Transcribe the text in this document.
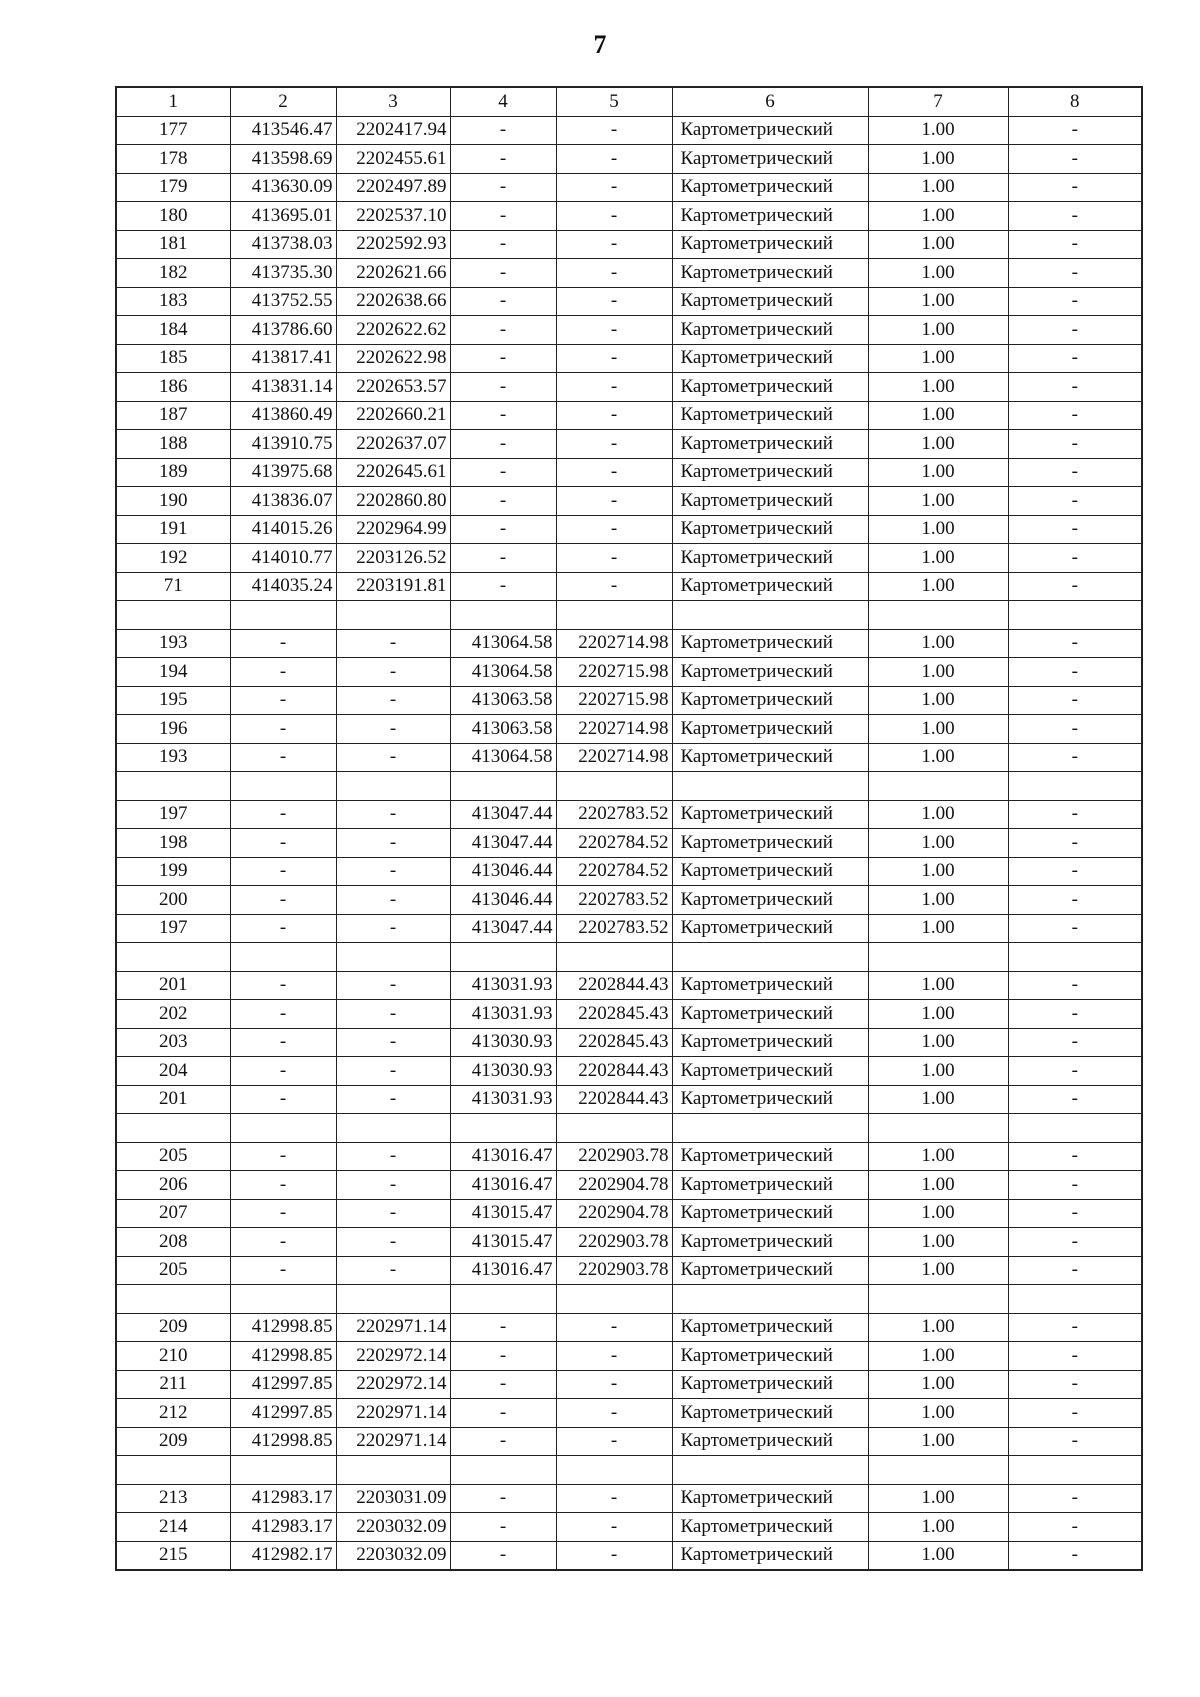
7
1	2	3	4	5	6	7	8
177	413546.47	2202417.94	-	-	Картометрический	1.00	-
178	413598.69	2202455.61	-	-	Картометрический	1.00	-
179	413630.09	2202497.89	-	-	Картометрический	1.00	-
180	413695.01	2202537.10	-	-	Картометрический	1.00	-
181	413738.03	2202592.93	-	-	Картометрический	1.00	-
182	413735.30	2202621.66	-	-	Картометрический	1.00	-
183	413752.55	2202638.66	-	-	Картометрический	1.00	-
184	413786.60	2202622.62	-	-	Картометрический	1.00	-
185	413817.41	2202622.98	-	-	Картометрический	1.00	-
186	413831.14	2202653.57	-	-	Картометрический	1.00	-
187	413860.49	2202660.21	-	-	Картометрический	1.00	-
188	413910.75	2202637.07	-	-	Картометрический	1.00	-
189	413975.68	2202645.61	-	-	Картометрический	1.00	-
190	413836.07	2202860.80	-	-	Картометрический	1.00	-
191	414015.26	2202964.99	-	-	Картометрический	1.00	-
192	414010.77	2203126.52	-	-	Картометрический	1.00	-
71	414035.24	2203191.81	-	-	Картометрический	1.00	-

193	-	-	413064.58	2202714.98	Картометрический	1.00	-
194	-	-	413064.58	2202715.98	Картометрический	1.00	-
195	-	-	413063.58	2202715.98	Картометрический	1.00	-
196	-	-	413063.58	2202714.98	Картометрический	1.00	-
193	-	-	413064.58	2202714.98	Картометрический	1.00	-

197	-	-	413047.44	2202783.52	Картометрический	1.00	-
198	-	-	413047.44	2202784.52	Картометрический	1.00	-
199	-	-	413046.44	2202784.52	Картометрический	1.00	-
200	-	-	413046.44	2202783.52	Картометрический	1.00	-
197	-	-	413047.44	2202783.52	Картометрический	1.00	-

201	-	-	413031.93	2202844.43	Картометрический	1.00	-
202	-	-	413031.93	2202845.43	Картометрический	1.00	-
203	-	-	413030.93	2202845.43	Картометрический	1.00	-
204	-	-	413030.93	2202844.43	Картометрический	1.00	-
201	-	-	413031.93	2202844.43	Картометрический	1.00	-

205	-	-	413016.47	2202903.78	Картометрический	1.00	-
206	-	-	413016.47	2202904.78	Картометрический	1.00	-
207	-	-	413015.47	2202904.78	Картометрический	1.00	-
208	-	-	413015.47	2202903.78	Картометрический	1.00	-
205	-	-	413016.47	2202903.78	Картометрический	1.00	-

209	412998.85	2202971.14	-	-	Картометрический	1.00	-
210	412998.85	2202972.14	-	-	Картометрический	1.00	-
211	412997.85	2202972.14	-	-	Картометрический	1.00	-
212	412997.85	2202971.14	-	-	Картометрический	1.00	-
209	412998.85	2202971.14	-	-	Картометрический	1.00	-

213	412983.17	2203031.09	-	-	Картометрический	1.00	-
214	412983.17	2203032.09	-	-	Картометрический	1.00	-
215	412982.17	2203032.09	-	-	Картометрический	1.00	-
